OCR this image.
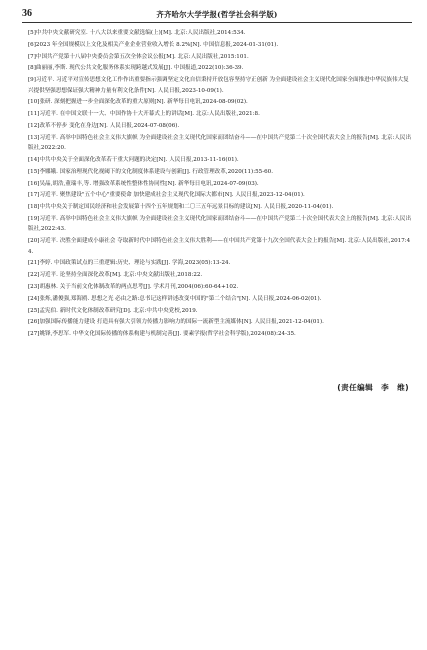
36	齐齐哈尔大学学报(哲学社会科学版)
[5]中共中央文献研究室. 十八大以来重要文献选编(上)[M]. 北京:人民出版社,2014:534.
[6]2023 年全国规模以上文化及相关产业企业营业收入增长 8.2%[N]. 中国信息报,2024-01-31(01).
[7]中国共产党第十八届中央委员会第五次全体会议公报[M]. 北京:人民出版社,2015:101.
[8]曲丽丽,李斯. 现代公共文化服务体系实现跨越式发展[J]. 中国报道,2022(10):36-39.
[9]习近平. 习近平对宣传思想文化工作作出重要指示强调坚定文化自信秉持开放包容坚持守正创新 为全面建设社会主义现代化国家全面推进中华民族伟大复兴提供坚强思想保证强大精神力量有利文化条件[N]. 人民日报,2023-10-09(1).
[10]张研. 深刻把握进一步全面深化改革的重大原则[N]. 新华每日电讯,2024-08-09(02).
[11]习近平. 在中国文联十一大、中国作协十大开幕式上的讲话[M]. 北京:人民出版社,2021:8.
[12]改革不停步 变化在身边[N]. 人民日报,2024-07-08(06).
[13]习近平. 高举中国特色社会主义伟大旗帜 为全面建设社会主义现代化国家而团结奋斗——在中国共产党第二十次全国代表大会上的报告[M]. 北京:人民出版社,2022:20.
[14]中共中央关于全面深化改革若干重大问题的决定[N]. 人民日报,2013-11-16(01).
[15]李娜娥. 国家治理现代化视阈下的文化制度体系建设与创新[J]. 行政管理改革,2020(11):55-60.
[16]吴晶,胡浩,董瑞丰,等. 增强改革系统性整体性协同性[N]. 新华每日电讯,2024-07-09(03).
[17]习近平. 聚焦建设"五个中心"重要使命 加快建成社会主义现代化国际大都市[N]. 人民日报,2023-12-04(01).
[18]中共中央关于制定国民经济和社会发展第十四个五年规划和二〇三五年远景目标的建议[N]. 人民日报,2020-11-04(01).
[19]习近平. 高举中国特色社会主义伟大旗帜 为全面建设社会主义现代化国家而团结奋斗——在中国共产党第二十次全国代表大会上的报告[M]. 北京:人民出版社,2022:43.
[20]习近平. 决胜全面建成小康社会 夺取新时代中国特色社会主义伟大胜利——在中国共产党第十九次全国代表大会上的报告[M]. 北京:人民出版社,2017:44.
[21]李婷. 中国政策试点的三重逻辑:历史、理论与实践[J]. 学海,2023(05):13-24.
[22]习近平. 论坚持全面深化改革[M]. 北京:中央文献出版社,2018:22.
[23]胡惠林. 关于当前文化体制改革的两点思考[J]. 学术月刊,2004(06):60-64+102.
[24]张烁,潘俊强,郑海鸥. 思想之光 必由之路:总书记这样讲述改变中国的"第二个结合"[N]. 人民日报,2024-06-02(01).
[25]孟宪伯. 新时代文化体制改革研究[D]. 北京:中共中央党校,2019.
[26]加强国际传播能力建设 打造具有强大引领力传播力影响力的国际一流新型主流媒体[N]. 人民日报,2021-12-04(01).
[27]姚锋,李思军. 中华文化国际传播的体系构建与机制完善[J]. 要素学报(哲学社会科学版),2024(08):24-35.
(责任编辑　李　维)
